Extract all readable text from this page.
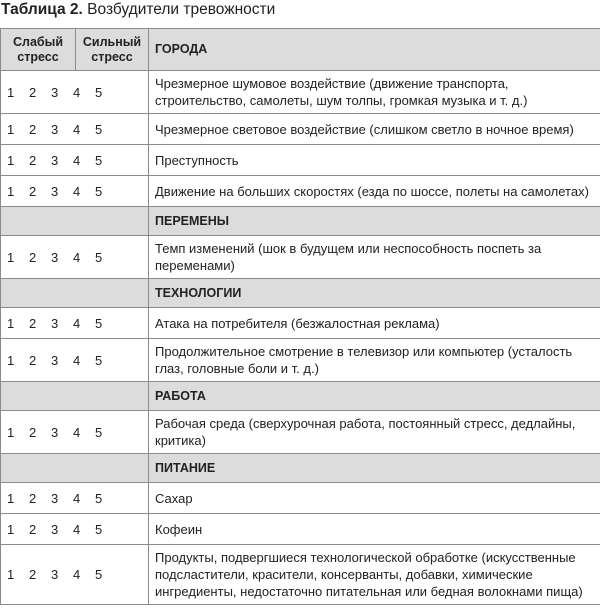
Таблица 2. Возбудители тревожности
Слабый стресс	Сильный стресс	ГОРОДА
1 2 3 4 5		Чрезмерное шумовое воздействие (движение транспорта, строительство, самолеты, шум толпы, громкая музыка и т. д.)
1 2 3 4 5		Чрезмерное световое воздействие (слишком светло в ночное время)
1 2 3 4 5		Преступность
1 2 3 4 5		Движение на больших скоростях (езда по шоссе, полеты на самолетах)
		ПЕРЕМЕНЫ
1 2 3 4 5		Темп изменений (шок в будущем или неспособность поспеть за переменами)
		ТЕХНОЛОГИИ
1 2 3 4 5		Атака на потребителя (безжалостная реклама)
1 2 3 4 5		Продолжительное смотрение в телевизор или компьютер (усталость глаз, головные боли и т. д.)
		РАБОТА
1 2 3 4 5		Рабочая среда (сверхурочная работа, постоянный стресс, дедлайны, критика)
		ПИТАНИЕ
1 2 3 4 5		Сахар
1 2 3 4 5		Кофеин
1 2 3 4 5		Продукты, подвергшиеся технологической обработке (искусственные подсластители, красители, консерванты, добавки, химические ингредиенты, недостаточно питательная или бедная волокнами пища)
